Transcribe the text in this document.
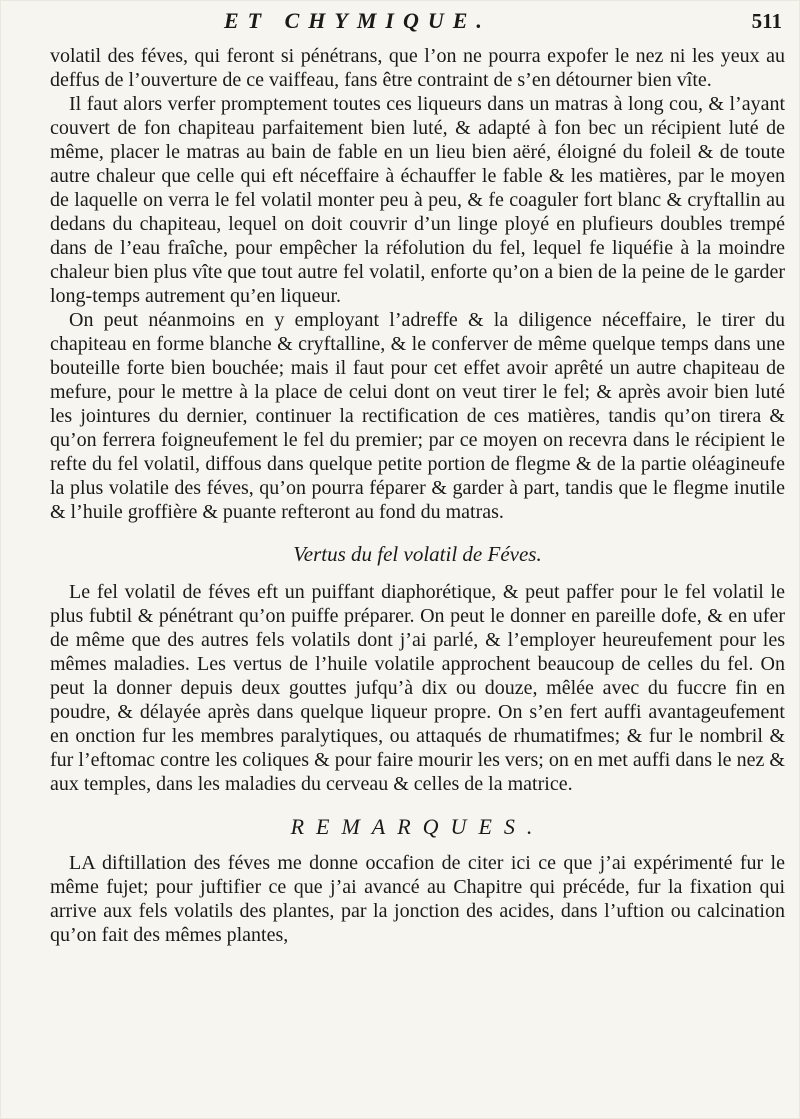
ET CHYMIQUE.	511

volatil des féves, qui feront si pénétrans, que l’on ne pourra expofer le nez ni les yeux au deffus de l’ouverture de ce vaiffeau, fans être contraint de s’en détourner bien vîte.

Il faut alors verfer promptement toutes ces liqueurs dans un matras à long cou, & l’ayant couvert de fon chapiteau parfaitement bien luté, & adapté à fon bec un récipient luté de même, placer le matras au bain de fable en un lieu bien aëré, éloigné du foleil & de toute autre chaleur que celle qui eft néceffaire à échauffer le fable & les matières, par le moyen de laquelle on verra le fel volatil monter peu à peu, & fe coaguler fort blanc & cryftallin au dedans du chapiteau, lequel on doit couvrir d’un linge ployé en plufieurs doubles trempé dans de l’eau fraîche, pour empêcher la réfolution du fel, lequel fe liquéfie à la moindre chaleur bien plus vîte que tout autre fel volatil, enforte qu’on a bien de la peine de le garder long-temps autrement qu’en liqueur.

On peut néanmoins en y employant l’adreffe & la diligence néceffaire, le tirer du chapiteau en forme blanche & cryftalline, & le conferver de même quelque temps dans une bouteille forte bien bouchée; mais il faut pour cet effet avoir aprêté un autre chapiteau de mefure, pour le mettre à la place de celui dont on veut tirer le fel; & après avoir bien luté les jointures du dernier, continuer la rectification de ces matières, tandis qu’on tirera & qu’on ferrera foigneufement le fel du premier; par ce moyen on recevra dans le récipient le refte du fel volatil, diffous dans quelque petite portion de flegme & de la partie oléagineufe la plus volatile des féves, qu’on pourra féparer & garder à part, tandis que le flegme inutile & l’huile groffière & puante refteront au fond du matras.

Vertus du fel volatil de Féves.

Le fel volatil de féves eft un puiffant diaphorétique, & peut paffer pour le fel volatil le plus fubtil & pénétrant qu’on puiffe préparer. On peut le donner en pareille dofe, & en ufer de même que des autres fels volatils dont j’ai parlé, & l’employer heureufement pour les mêmes maladies. Les vertus de l’huile volatile approchent beaucoup de celles du fel. On peut la donner depuis deux gouttes jufqu’à dix ou douze, mêlée avec du fuccre fin en poudre, & délayée après dans quelque liqueur propre. On s’en fert auffi avantageufement en onction fur les membres paralytiques, ou attaqués de rhumatifmes; & fur le nombril & fur l’eftomac contre les coliques & pour faire mourir les vers; on en met auffi dans le nez & aux temples, dans les maladies du cerveau & celles de la matrice.

REMARQUES.

LA diftillation des féves me donne occafion de citer ici ce que j’ai expérimenté fur le même fujet; pour juftifier ce que j’ai avancé au Chapitre qui précéde, fur la fixation qui arrive aux fels volatils des plantes, par la jonction des acides, dans l’uftion ou calcination qu’on fait des mêmes plantes,
